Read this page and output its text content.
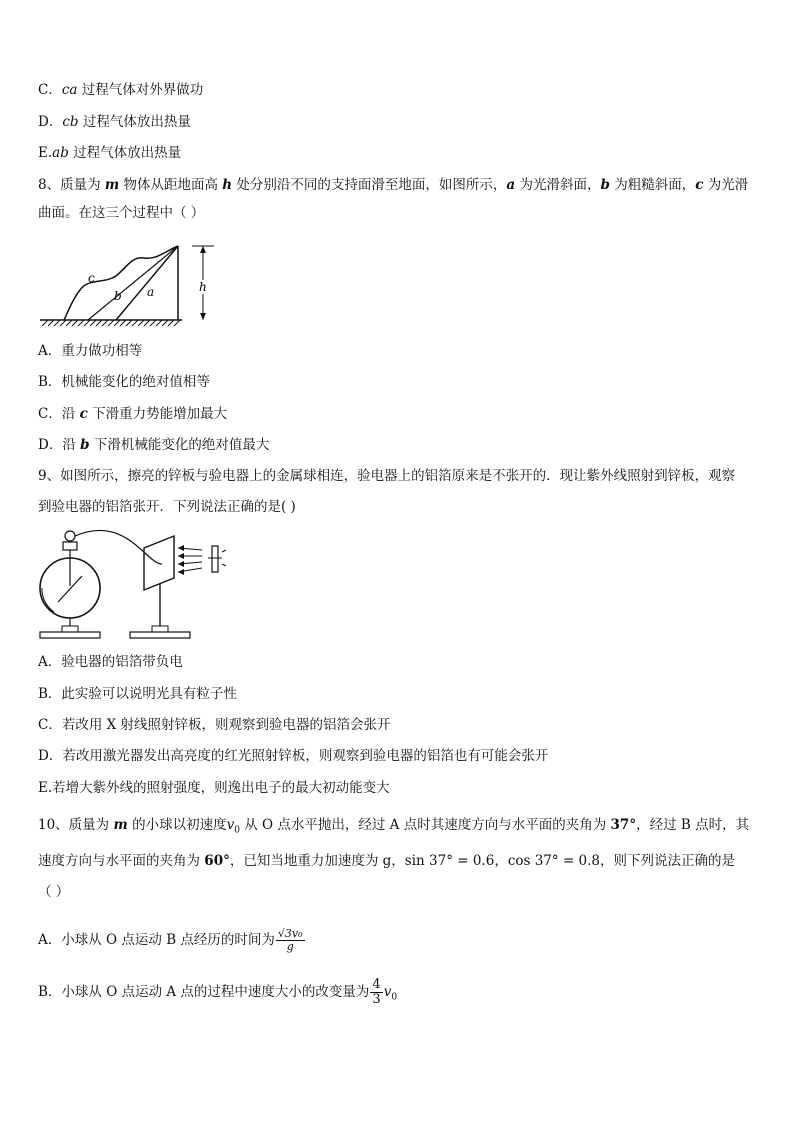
C．ca 过程气体对外界做功
D．cb 过程气体放出热量
E.ab 过程气体放出热量
8、质量为 m 物体从距地面高 h 处分别沿不同的支持面滑至地面，如图所示，a 为光滑斜面，b 为粗糙斜面，c 为光滑
曲面。在这三个过程中（ ）
a
b
c
h
A．重力做功相等
B．机械能变化的绝对值相等
C．沿 c 下滑重力势能增加最大
D．沿 b 下滑机械能变化的绝对值最大
9、如图所示，擦亮的锌板与验电器上的金属球相连，验电器上的铝箔原来是不张开的．现让紫外线照射到锌板，观察
到验电器的铝箔张开．下列说法正确的是( )
A．验电器的铝箔带负电
B．此实验可以说明光具有粒子性
C．若改用 X 射线照射锌板，则观察到验电器的铝箔会张开
D．若改用激光器发出高亮度的红光照射锌板，则观察到验电器的铝箔也有可能会张开
E.若增大紫外线的照射强度，则逸出电子的最大初动能变大
10、质量为 m 的小球以初速度$v_0$ 从 O 点水平抛出，经过 A 点时其速度方向与水平面的夹角为 37°，经过 B 点时，其
速度方向与水平面的夹角为 60°，已知当地重力加速度为 g，sin 37° = 0.6，cos 37° = 0.8，则下列说法正确的是
（ ）
A．小球从 O 点运动 B 点经历的时间为 $\frac{\text{√3v₀}}{g}$
B．小球从 O 点运动 A 点的过程中速度大小的改变量为 $\frac{4}{3} v_0$
